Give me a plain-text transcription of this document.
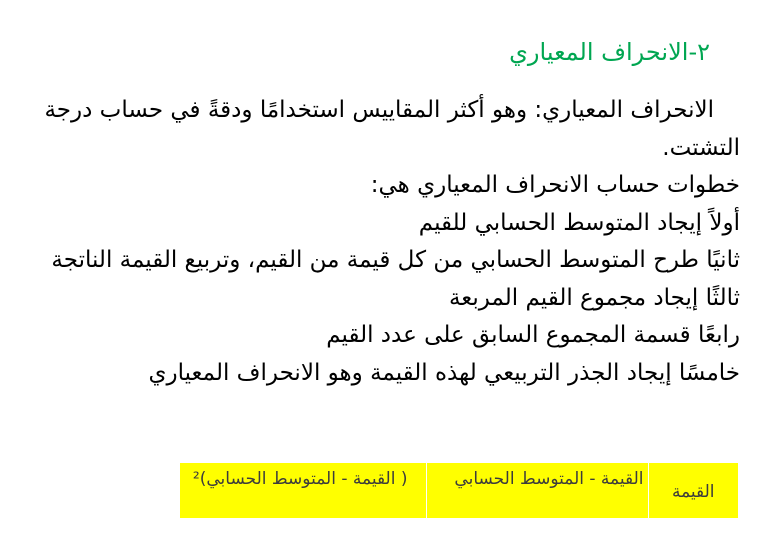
٢-الانحراف المعياري

الانحراف المعياري: وهو أكثر المقاييس استخدامًا ودقةً في حساب درجة التشتت.

خطوات حساب الانحراف المعياري هي:

أولاً إيجاد المتوسط الحسابي للقيم

ثانيًا طرح المتوسط الحسابي من كل قيمة من القيم، وتربيع القيمة الناتجة

ثالثًا إيجاد مجموع القيم المربعة

رابعًا قسمة المجموع السابق على عدد القيم

خامسًا إيجاد الجذر التربيعي لهذه القيمة وهو الانحراف المعياري

القيمة	القيمة - المتوسط الحسابي	( القيمة - المتوسط الحسابي)²
